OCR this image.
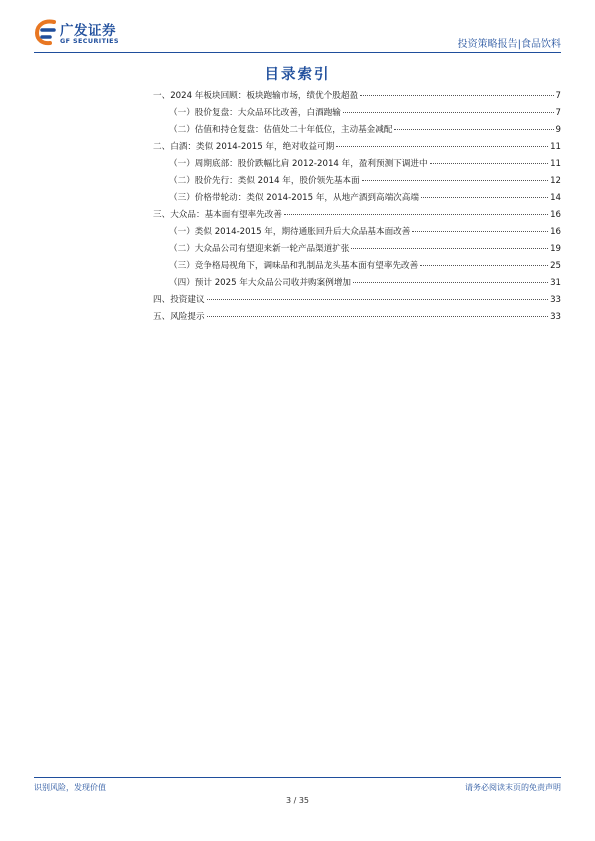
广发证券
GF SECURITIES	投资策略报告|食品饮料
目录索引
一、2024 年板块回顾：板块跑输市场，绩优个股超盈	7
（一）股价复盘：大众品环比改善，白酒跑输	7
（二）估值和持仓复盘：估值处二十年低位，主动基金减配	9
二、白酒：类似 2014-2015 年，绝对收益可期	11
（一）周期底部：股价跌幅比肩 2012-2014 年，盈利预测下调进中	11
（二）股价先行：类似 2014 年，股价领先基本面	12
（三）价格带轮动：类似 2014-2015 年，从地产酒到高端次高端	14
三、大众品：基本面有望率先改善	16
（一）类似 2014-2015 年，期待通胀回升后大众品基本面改善	16
（二）大众品公司有望迎来新一轮产品渠道扩张	19
（三）竞争格局视角下，调味品和乳制品龙头基本面有望率先改善	25
（四）预计 2025 年大众品公司收并购案例增加	31
四、投资建议	33
五、风险提示	33
识别风险，发现价值	请务必阅读末页的免责声明
3 / 35
